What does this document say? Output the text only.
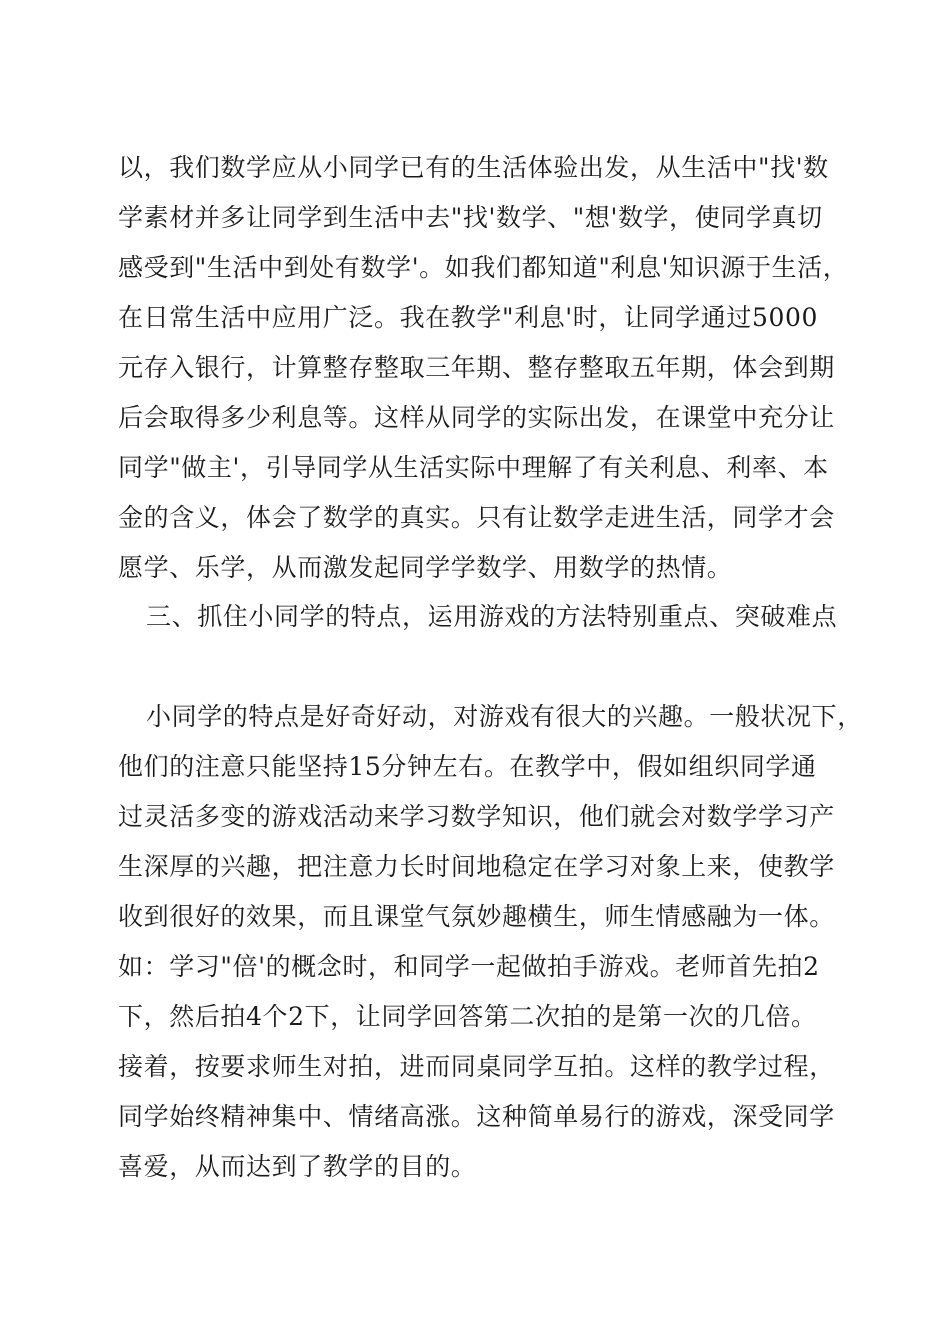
以，我们数学应从小同学已有的生活体验出发，从生活中"找'数
学素材并多让同学到生活中去"找'数学、"想'数学，使同学真切
感受到"生活中到处有数学'。如我们都知道"利息'知识源于生活，
在日常生活中应用广泛。我在教学"利息'时，让同学通过5000
元存入银行，计算整存整取三年期、整存整取五年期，体会到期
后会取得多少利息等。这样从同学的实际出发，在课堂中充分让
同学"做主'，引导同学从生活实际中理解了有关利息、利率、本
金的含义，体会了数学的真实。只有让数学走进生活，同学才会
愿学、乐学，从而激发起同学学数学、用数学的热情。
三、抓住小同学的特点，运用游戏的方法特别重点、突破难点
小同学的特点是好奇好动，对游戏有很大的兴趣。一般状况下，
他们的注意只能坚持15分钟左右。在教学中，假如组织同学通
过灵活多变的游戏活动来学习数学知识，他们就会对数学学习产
生深厚的兴趣，把注意力长时间地稳定在学习对象上来，使教学
收到很好的效果，而且课堂气氛妙趣横生，师生情感融为一体。
如：学习"倍'的概念时，和同学一起做拍手游戏。老师首先拍2
下，然后拍4个2下，让同学回答第二次拍的是第一次的几倍。
接着，按要求师生对拍，进而同桌同学互拍。这样的教学过程，
同学始终精神集中、情绪高涨。这种简单易行的游戏，深受同学
喜爱，从而达到了教学的目的。
